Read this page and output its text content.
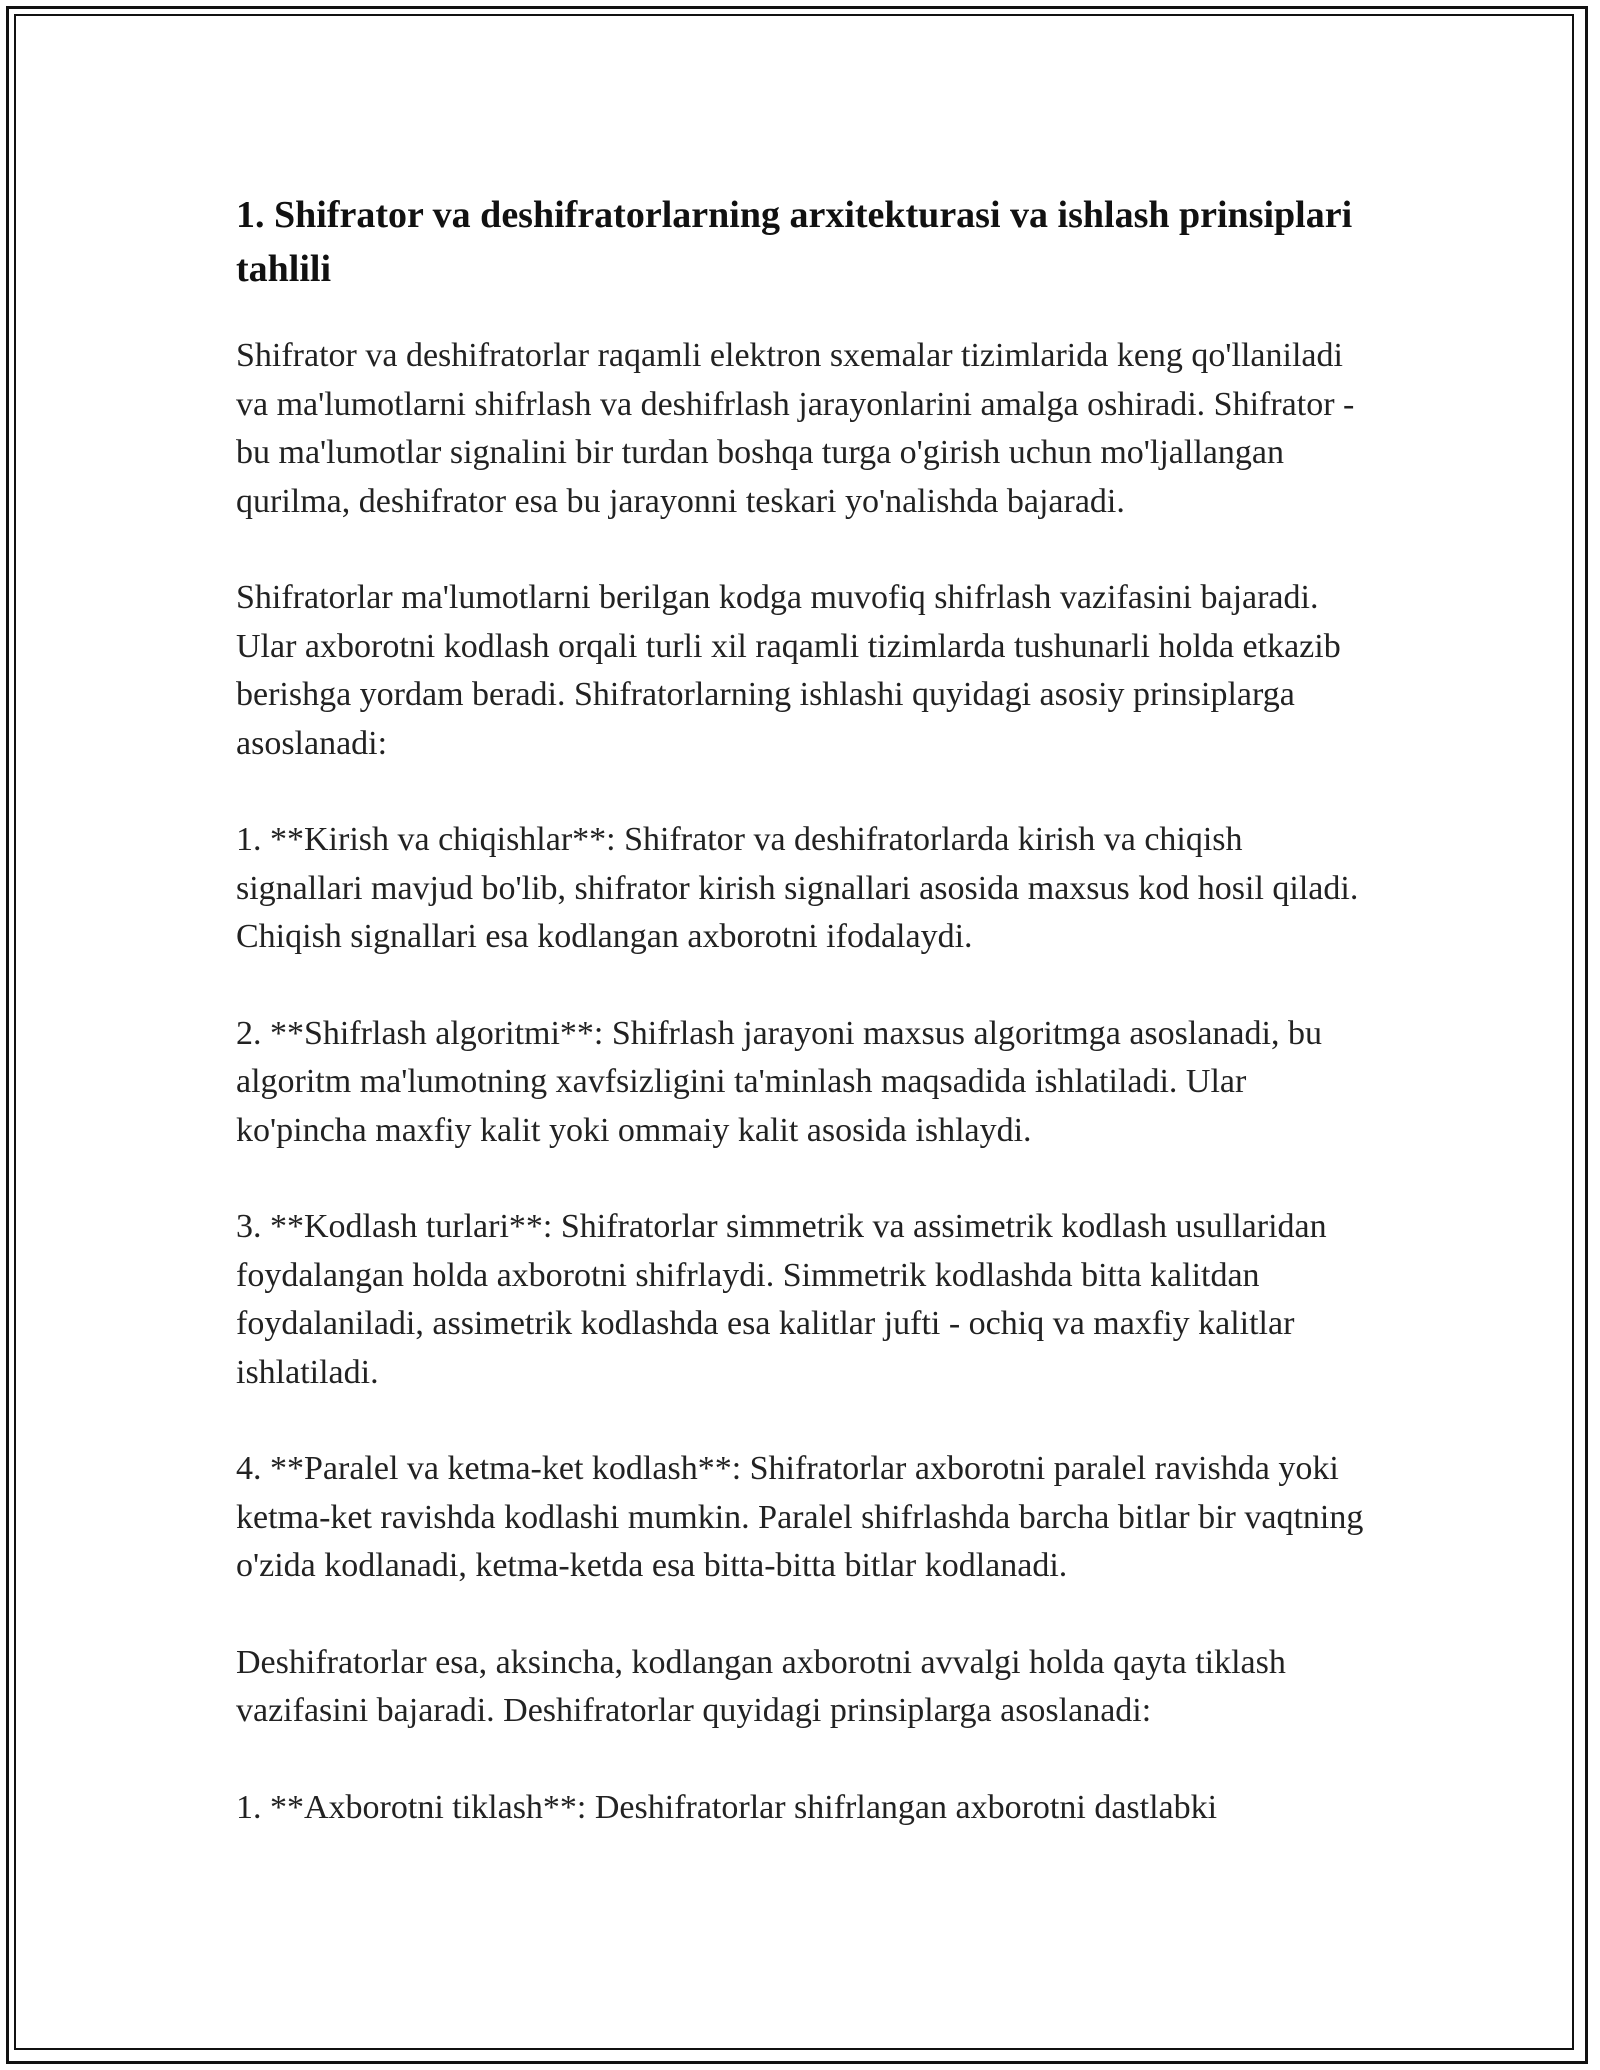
1. Shifrator va deshifratorlarning arxitekturasi va ishlash prinsiplari tahlili

Shifrator va deshifratorlar raqamli elektron sxemalar tizimlarida keng qo'llaniladi va ma'lumotlarni shifrlash va deshifrlash jarayonlarini amalga oshiradi. Shifrator - bu ma'lumotlar signalini bir turdan boshqa turga o'girish uchun mo'ljallangan qurilma, deshifrator esa bu jarayonni teskari yo'nalishda bajaradi.

Shifratorlar ma'lumotlarni berilgan kodga muvofiq shifrlash vazifasini bajaradi. Ular axborotni kodlash orqali turli xil raqamli tizimlarda tushunarli holda etkazib berishga yordam beradi. Shifratorlarning ishlashi quyidagi asosiy prinsiplarga asoslanadi:

1. **Kirish va chiqishlar**: Shifrator va deshifratorlarda kirish va chiqish signallari mavjud bo'lib, shifrator kirish signallari asosida maxsus kod hosil qiladi. Chiqish signallari esa kodlangan axborotni ifodalaydi.

2. **Shifrlash algoritmi**: Shifrlash jarayoni maxsus algoritmga asoslanadi, bu algoritm ma'lumotning xavfsizligini ta'minlash maqsadida ishlatiladi. Ular ko'pincha maxfiy kalit yoki ommaiy kalit asosida ishlaydi.

3. **Kodlash turlari**: Shifratorlar simmetrik va assimetrik kodlash usullaridan foydalangan holda axborotni shifrlaydi. Simmetrik kodlashda bitta kalitdan foydalaniladi, assimetrik kodlashda esa kalitlar jufti - ochiq va maxfiy kalitlar ishlatiladi.

4. **Paralel va ketma-ket kodlash**: Shifratorlar axborotni paralel ravishda yoki ketma-ket ravishda kodlashi mumkin. Paralel shifrlashda barcha bitlar bir vaqtning o'zida kodlanadi, ketma-ketda esa bitta-bitta bitlar kodlanadi.

Deshifratorlar esa, aksincha, kodlangan axborotni avvalgi holda qayta tiklash vazifasini bajaradi. Deshifratorlar quyidagi prinsiplarga asoslanadi:

1. **Axborotni tiklash**: Deshifratorlar shifrlangan axborotni dastlabki
